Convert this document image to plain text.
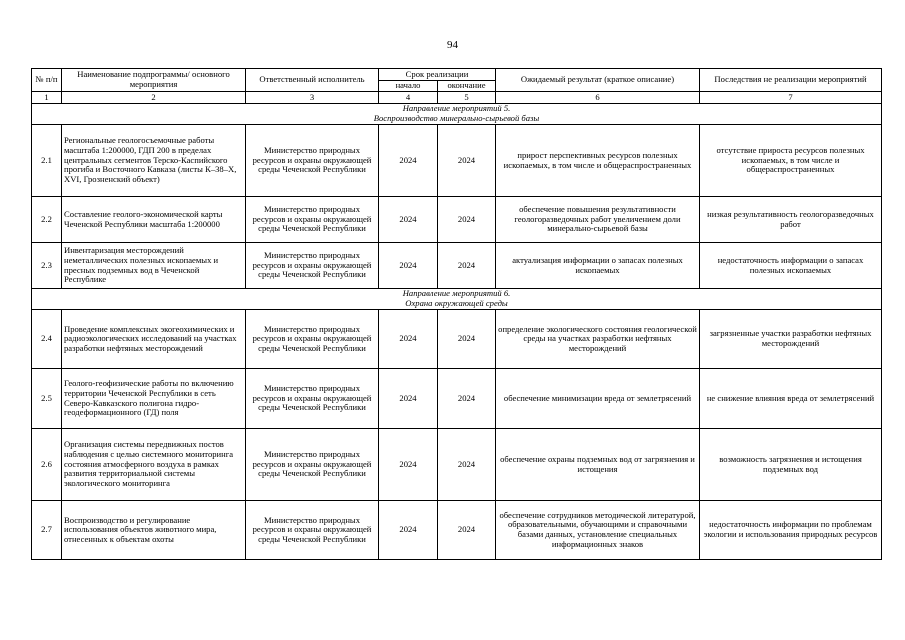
94
№ п/п	Наименование подпрограммы/ основного мероприятия	Ответственный исполнитель	Срок реализации		Ожидаемый результат (краткое описание)	Последствия не реализации мероприятий
			начало	окончание		
1	2	3	4	5	6	7
Направление мероприятий 5.
Воспроизводство минерально-сырьевой базы						
2.1	Региональные геологосъемочные работы масштаба 1:200000, ГДП 200 в пределах центральных сегментов Терско-Каспийского прогиба и Восточного Кавказа (листы К–38–Х, XVI, Грозненский объект)	Министерство природных ресурсов и охраны окружающей среды Чеченской Республики	2024	2024	прирост перспективных ресурсов полезных ископаемых, в том числе и общераспространенных	отсутствие прироста ресурсов полезных ископаемых, в том числе и общераспространенных
2.2	Составление геолого-экономической карты Чеченской Республики масштаба 1:200000	Министерство природных ресурсов и охраны окружающей среды Чеченской Республики	2024	2024	обеспечение повышения результативности геологоразведочных работ увеличением доли минерально-сырьевой базы	низкая результативность геологоразведочных работ
2.3	Инвентаризация месторождений неметаллических полезных ископаемых и пресных подземных вод в Чеченской Республике	Министерство природных ресурсов и охраны окружающей среды Чеченской Республики	2024	2024	актуализация информации о запасах полезных ископаемых	недостаточность информации о запасах полезных ископаемых
Направление мероприятий 6.
Охрана окружающей среды						
2.4	Проведение комплексных экогеохимических и радиоэкологических исследований на участках разработки нефтяных месторождений	Министерство природных ресурсов и охраны окружающей среды Чеченской Республики	2024	2024	определение экологического состояния геологической среды на участках разработки нефтяных месторождений	загрязненные участки разработки нефтяных месторождений
2.5	Геолого-геофизические работы по включению территории Чеченской Республики в сеть Северо-Кавказского полигона гидро-геодеформационного (ГД) поля	Министерство природных ресурсов и охраны окружающей среды Чеченской Республики	2024	2024	обеспечение минимизации вреда от землетрясений	не снижение влияния вреда от землетрясений
2.6	Организация системы передвижных постов наблюдения с целью системного мониторинга состояния атмосферного воздуха в рамках развития территориальной системы экологического мониторинга	Министерство природных ресурсов и охраны окружающей среды Чеченской Республики	2024	2024	обеспечение охраны подземных вод от загрязнения и истощения	возможность загрязнения и истощения подземных вод
2.7	Воспроизводство и регулирование использования объектов животного мира, отнесенных к объектам охоты	Министерство природных ресурсов и охраны окружающей среды Чеченской Республики	2024	2024	обеспечение сотрудников методической литературой, образовательными, обучающими и справочными базами данных, установление специальных информационных знаков	недостаточность информации по проблемам экологии и использования природных ресурсов
